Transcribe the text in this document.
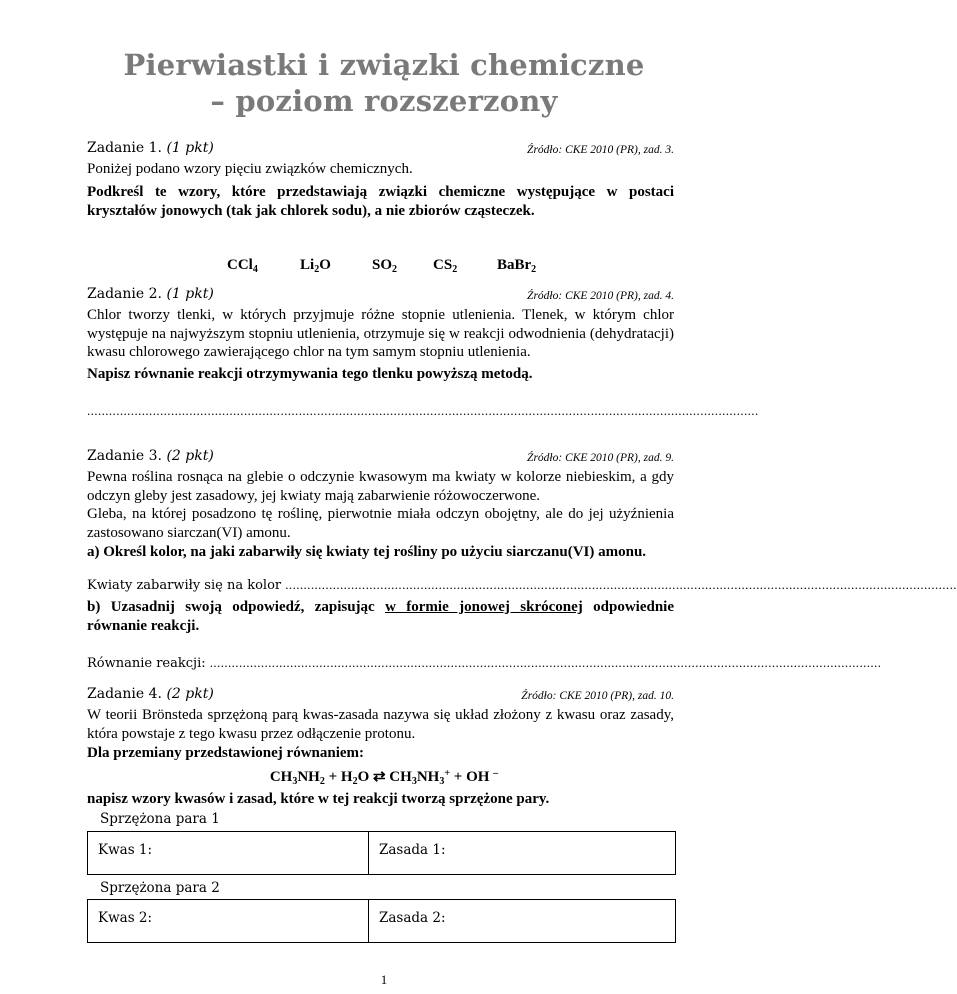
Pierwiastki i związki chemiczne
– poziom rozszerzony
Zadanie 1. (1 pkt)	Źródło: CKE 2010 (PR), zad. 3.
Poniżej podano wzory pięciu związków chemicznych.
Podkreśl te wzory, które przedstawiają związki chemiczne występujące w postaci kryształów jonowych (tak jak chlorek sodu), a nie zbiorów cząsteczek.
CCl$_4$	$Li_2O$	$SO_2$ $CS_2$	BaBr$_2$
Zadanie 2. (1 pkt)	Źródło: CKE 2010 (PR), zad. 4.
Chlor tworzy tlenki, w których przyjmuje różne stopnie utlenienia. Tlenek, w którym chlor występuje na najwyższym stopniu utlenienia, otrzymuje się w reakcji odwodnienia (dehydratacji) kwasu chlorowego zawierającego chlor na tym samym stopniu utlenienia.
Napisz równanie reakcji otrzymywania tego tlenku powyższą metodą.
........................................................................................................................................................................................
Zadanie 3. (2 pkt)	Źródło: CKE 2010 (PR), zad. 9.
Pewna roślina rosnąca na glebie o odczynie kwasowym ma kwiaty w kolorze niebieskim, a gdy odczyn gleby jest zasadowy, jej kwiaty mają zabarwienie różowoczerwone.
Gleba, na której posadzono tę roślinę, pierwotnie miała odczyn obojętny, ale do jej użyźnienia zastosowano siarczan(VI) amonu.
a) Określ kolor, na jaki zabarwiły się kwiaty tej rośliny po użyciu siarczanu(VI) amonu.
Kwiaty zabarwiły się na kolor ........................................................................................................................................................................................
b) Uzasadnij swoją odpowiedź, zapisując w formie jonowej skróconej odpowiednie równanie reakcji.
Równanie reakcji: ........................................................................................................................................................................................
Zadanie 4. (2 pkt)	Źródło: CKE 2010 (PR), zad. 10.
W teorii Brönsteda sprzężoną parą kwas-zasada nazywa się układ złożony z kwasu oraz zasady, która powstaje z tego kwasu przez odłączenie protonu.
Dla przemiany przedstawionej równaniem:
$CH_3NH_2 + H_2O$ ⇄ $CH_3NH_3^+$ + OH –
napisz wzory kwasów i zasad, które w tej reakcji tworzą sprzężone pary.
Sprzężona para 1
Kwas 1:	Zasada 1:
Sprzężona para 2
Kwas 2:	Zasada 2:
1
